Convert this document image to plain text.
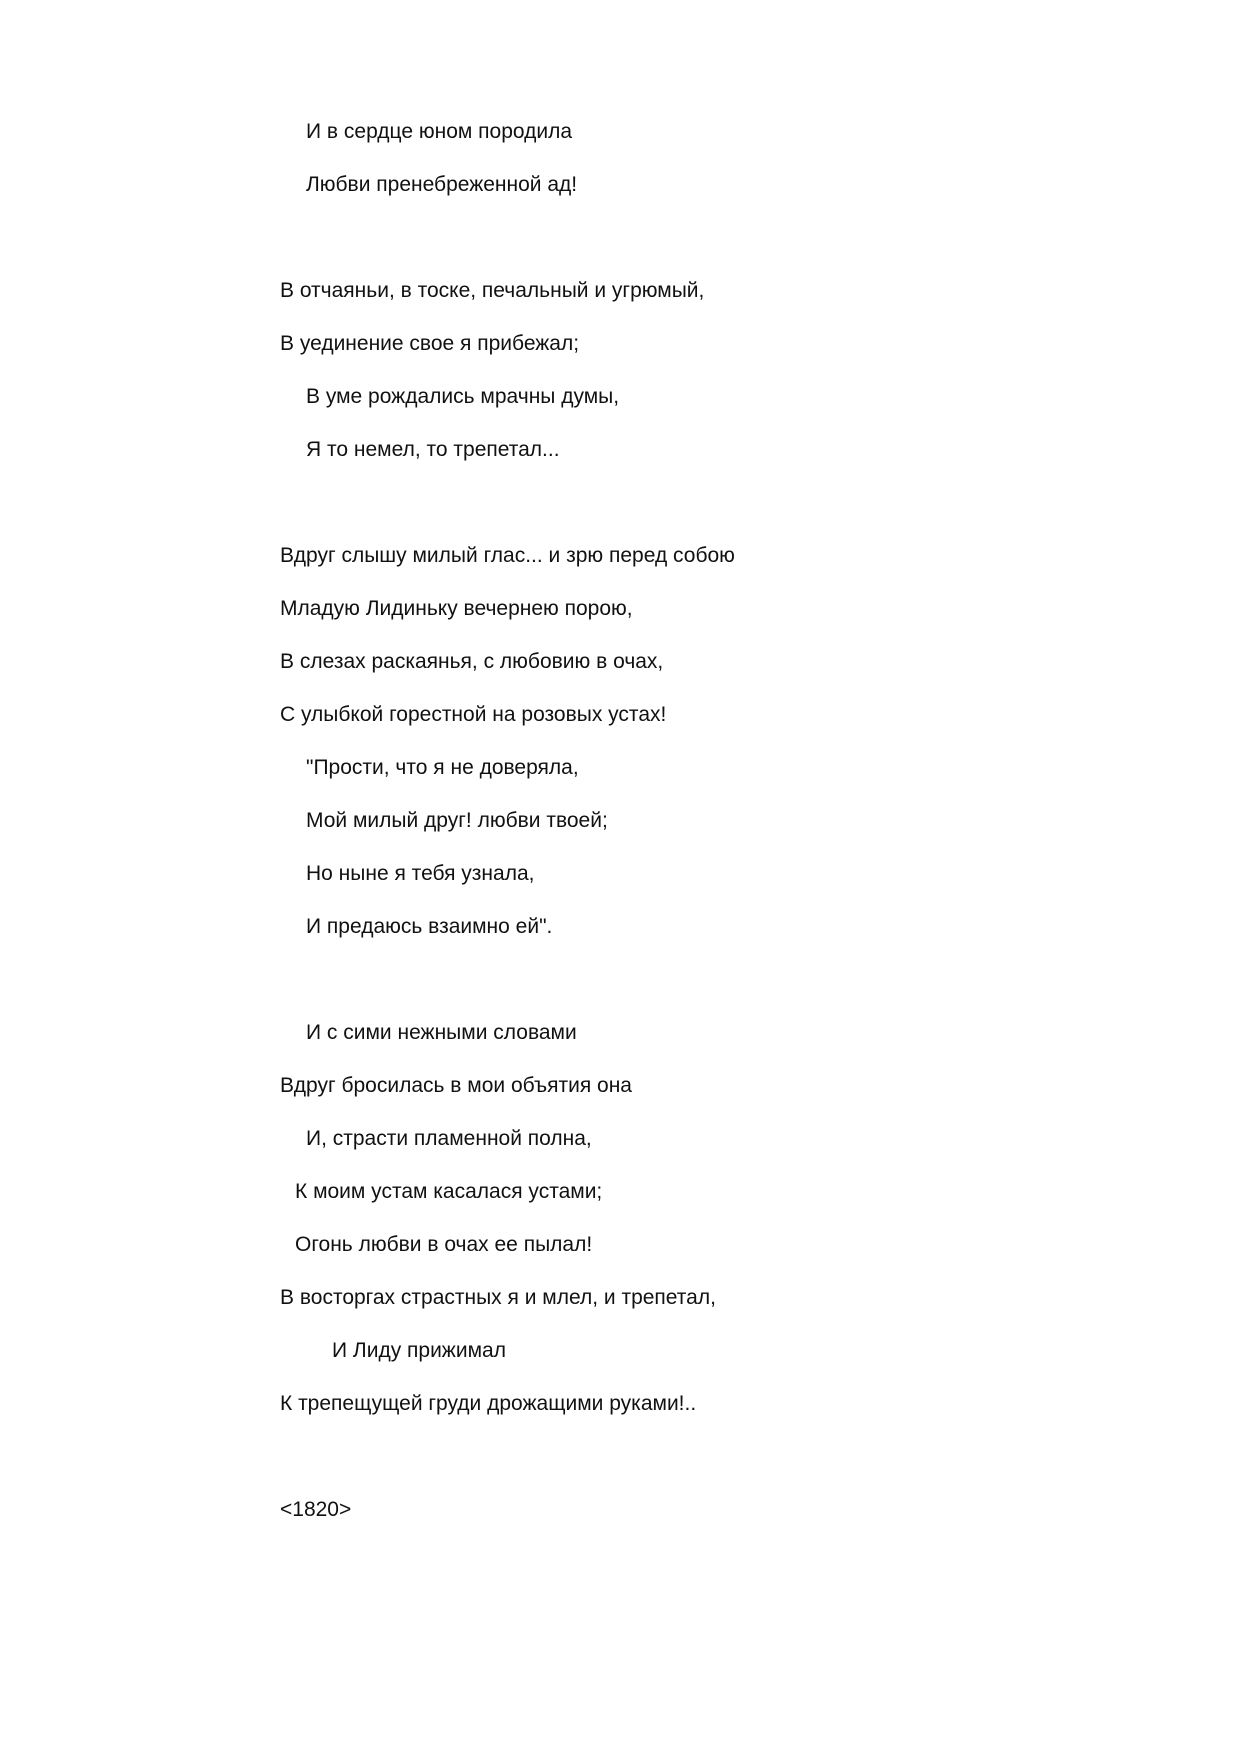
И в сердце юном породила
Любви пренебреженной ад!
В отчаяньи, в тоске, печальный и угрюмый,
В уединение свое я прибежал;
В уме рождались мрачны думы,
Я то немел, то трепетал...
Вдруг слышу милый глас... и зрю перед собою
Младую Лидиньку вечернею порою,
В слезах раскаянья, с любовию в очах,
С улыбкой горестной на розовых устах!
"Прости, что я не доверяла,
Мой милый друг! любви твоей;
Но ныне я тебя узнала,
И предаюсь взаимно ей".
И с сими нежными словами
Вдруг бросилась в мои объятия она
И, страсти пламенной полна,
К моим устам касалася устами;
Огонь любви в очах ее пылал!
В восторгах страстных я и млел, и трепетал,
И Лиду прижимал
К трепещущей груди дрожащими руками!..
<1820>
